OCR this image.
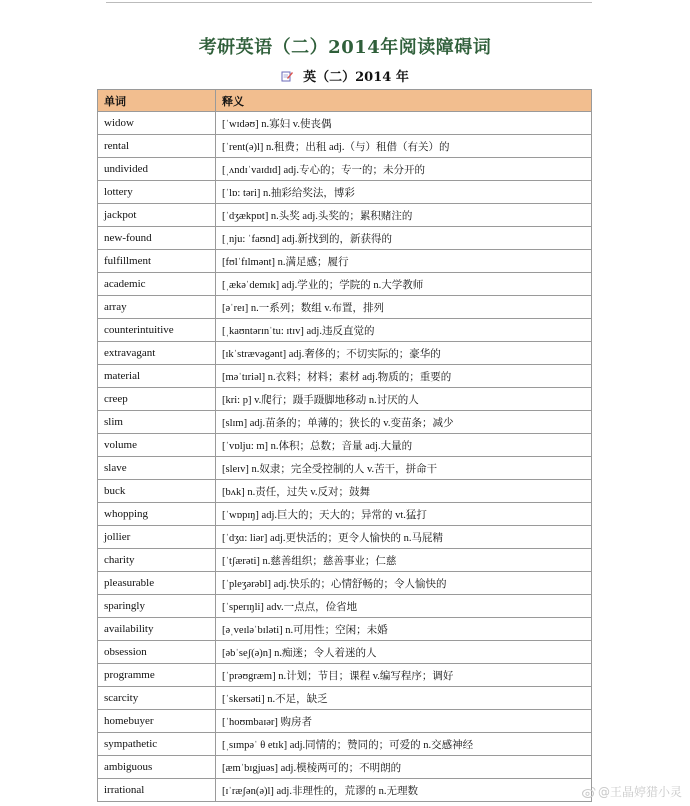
考研英语（二）2014年阅读障碍词
英（二）2014 年
单词	释义
widow	[ˈwɪdəʊ] n.寡妇 v.使丧偶
rental	[ˈrent(ə)l] n.租费；出租 adj.（与）租借（有关）的
undivided	[ˌʌndɪˈvaɪdɪd] adj.专心的；专一的；未分开的
lottery	[ˈlɒ: təri] n.抽彩给奖法，博彩
jackpot	[ˈdʒækpɒt] n.头奖 adj.头奖的；累积赌注的
new-found	[ˌnju: ˈfaʊnd] adj.新找到的，新获得的
fulfillment	[fʊlˈfɪlmənt] n.满足感；履行
academic	[ˌækəˈdemɪk] adj.学业的；学院的 n.大学教师
array	[əˈreɪ] n.一系列；数组 v.布置，排列
counterintuitive	[ˌkaʊntərɪnˈtu: ɪtɪv] adj.违反直觉的
extravagant	[ɪkˈstrævəgənt] adj.奢侈的；不切实际的；豪华的
material	[məˈtɪriəl] n.衣料；材料；素材 adj.物质的；重要的
creep	[kri: p] v.爬行；蹑手蹑脚地移动 n.讨厌的人
slim	[slɪm] adj.苗条的；单薄的；狭长的 v.变苗条；减少
volume	[ˈvɒlju: m] n.体积；总数；音量 adj.大量的
slave	[sleɪv] n.奴隶；完全受控制的人 v.苦干，拼命干
buck	[bʌk] n.责任，过失 v.反对；鼓舞
whopping	[ˈwɒpɪŋ] adj.巨大的；天大的；异常的 vt.猛打
jollier	[ˈdʒɑ: liər] adj.更快活的；更令人愉快的 n.马屁精
charity	[ˈtʃærəti] n.慈善组织；慈善事业；仁慈
pleasurable	[ˈpleʒərəbl] adj.快乐的；心情舒畅的；令人愉快的
sparingly	[ˈsperɪŋli] adv.一点点，俭省地
availability	[əˌveɪləˈbɪləti] n.可用性；空闲；未婚
obsession	[əbˈseʃ(ə)n] n.痴迷；令人着迷的人
programme	[ˈprəʊgræm] n.计划；节目；课程 v.编写程序；调好
scarcity	[ˈskersəti] n.不足，缺乏
homebuyer	[ˈhoʊmbaɪər] 购房者
sympathetic	[ˌsɪmpəˈ θ etɪk] adj.同情的；赞同的；可爱的 n.交感神经
ambiguous	[æmˈbɪgjuəs] adj.模棱两可的；不明朗的
irrational	[ɪˈræʃən(ə)l] adj.非理性的，荒谬的 n.无理数	@王晶婷猎小灵
